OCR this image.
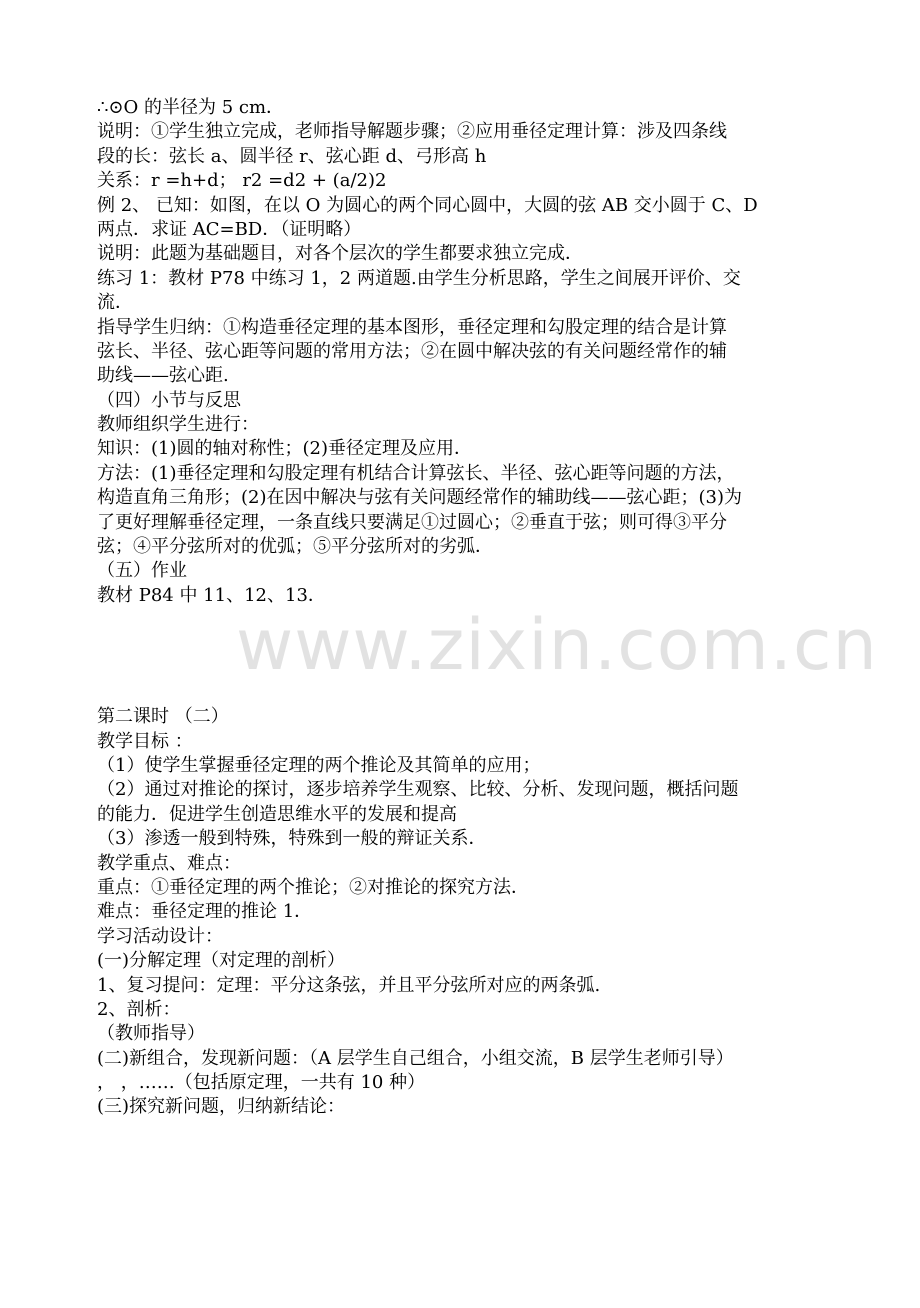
∴⊙O 的半径为 5 cm．
说明：①学生独立完成，老师指导解题步骤；②应用垂径定理计算：涉及四条线
段的长：弦长 a、圆半径 r、弦心距 d、弓形高 h
关系：r =h+d； r2 =d2 + (a/2)2
例 2、 已知：如图，在以 O 为圆心的两个同心圆中，大圆的弦 AB 交小圆于 C、D
两点．求证 AC=BD．（证明略）
说明：此题为基础题目，对各个层次的学生都要求独立完成．
练习 1：教材 P78 中练习 1，2 两道题.由学生分析思路，学生之间展开评价、交
流．
指导学生归纳：①构造垂径定理的基本图形，垂径定理和勾股定理的结合是计算
弦长、半径、弦心距等问题的常用方法；②在圆中解决弦的有关问题经常作的辅
助线——弦心距.
（四）小节与反思
教师组织学生进行：
知识：(1)圆的轴对称性；(2)垂径定理及应用．
方法：(1)垂径定理和勾股定理有机结合计算弦长、半径、弦心距等问题的方法，
构造直角三角形；(2)在因中解决与弦有关问题经常作的辅助线——弦心距；(3)为
了更好理解垂径定理，一条直线只要满足①过圆心；②垂直于弦；则可得③平分
弦；④平分弦所对的优弧；⑤平分弦所对的劣弧．
（五）作业
教材 P84 中 11、12、13．
第二课时 （二）
教学目标 ：
（1）使学生掌握垂径定理的两个推论及其简单的应用；
（2）通过对推论的探讨，逐步培养学生观察、比较、分析、发现问题，概括问题
的能力．促进学生创造思维水平的发展和提高
（3）渗透一般到特殊，特殊到一般的辩证关系．
教学重点、难点：
重点：①垂径定理的两个推论；②对推论的探究方法．
难点：垂径定理的推论 1．
学习活动设计：
(一)分解定理（对定理的剖析）
1、复习提问：定理：平分这条弦，并且平分弦所对应的两条弧.
2、剖析：
（教师指导）
(二)新组合，发现新问题：（A 层学生自己组合，小组交流，B 层学生老师引导）
， ，……（包括原定理，一共有 10 种）
(三)探究新问题，归纳新结论：
www.zixin.com.cn
